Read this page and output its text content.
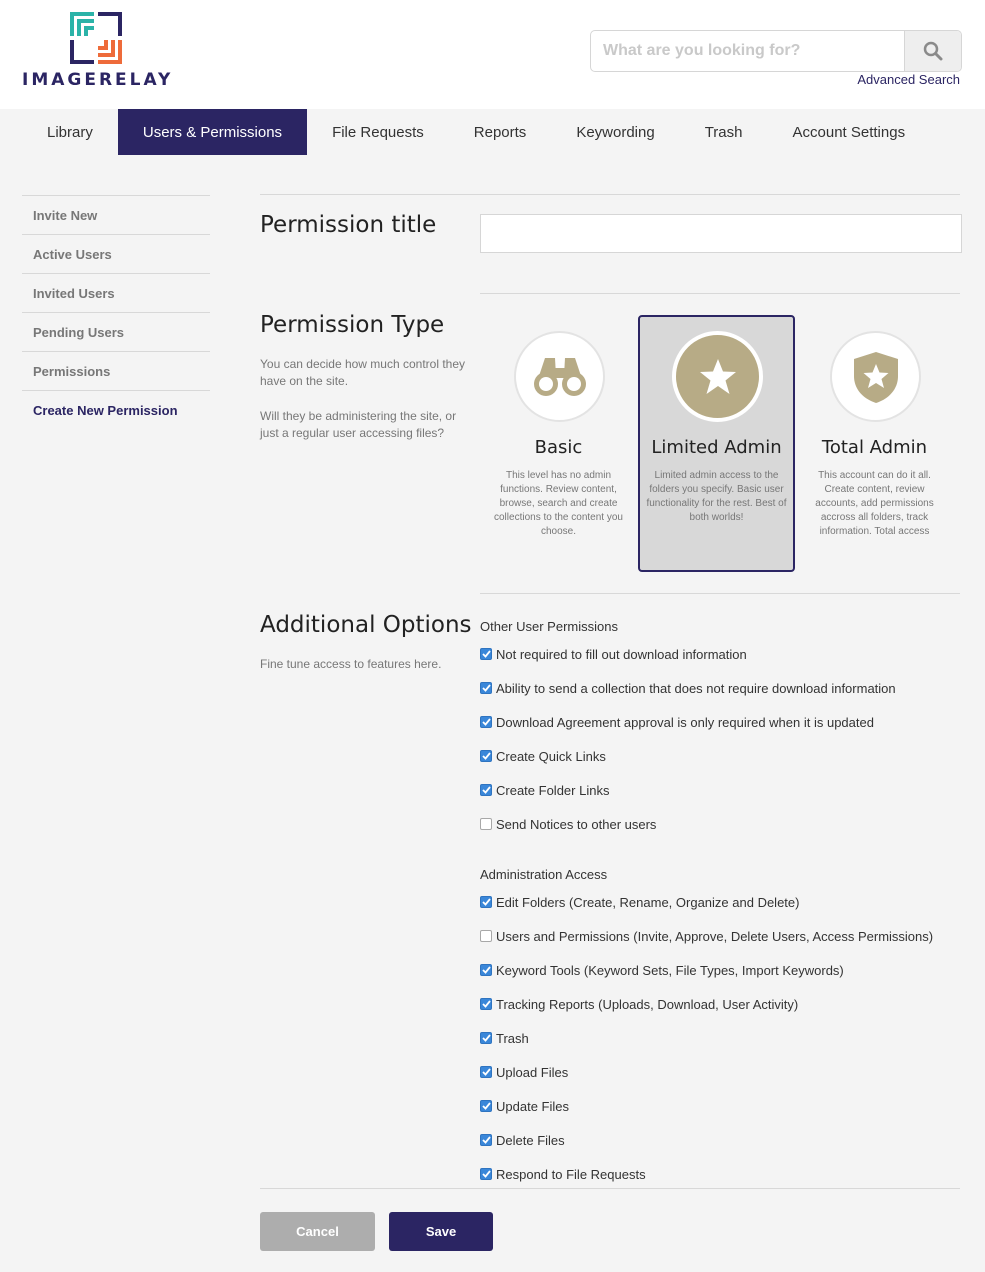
IMAGERELAY
What are you looking for?	Advanced Search
Library	Users & Permissions	File Requests	Reports	Keywording	Trash	Account Settings
Invite New
Active Users
Invited Users
Pending Users
Permissions
Create New Permission
Permission title
Permission Type
You can decide how much control they have on the site.
Will they be administering the site, or just a regular user accessing files?
Basic
This level has no admin functions. Review content, browse, search and create collections to the content you choose.
Limited Admin
Limited admin access to the folders you specify. Basic user functionality for the rest. Best of both worlds!
Total Admin
This account can do it all. Create content, review accounts, add permissions accross all folders, track information. Total access
Additional Options
Fine tune access to features here.
Other User Permissions
Not required to fill out download information
Ability to send a collection that does not require download information
Download Agreement approval is only required when it is updated
Create Quick Links
Create Folder Links
Send Notices to other users
Administration Access
Edit Folders (Create, Rename, Organize and Delete)
Users and Permissions (Invite, Approve, Delete Users, Access Permissions)
Keyword Tools (Keyword Sets, File Types, Import Keywords)
Tracking Reports (Uploads, Download, User Activity)
Trash
Upload Files
Update Files
Delete Files
Respond to File Requests
Cancel	Save
